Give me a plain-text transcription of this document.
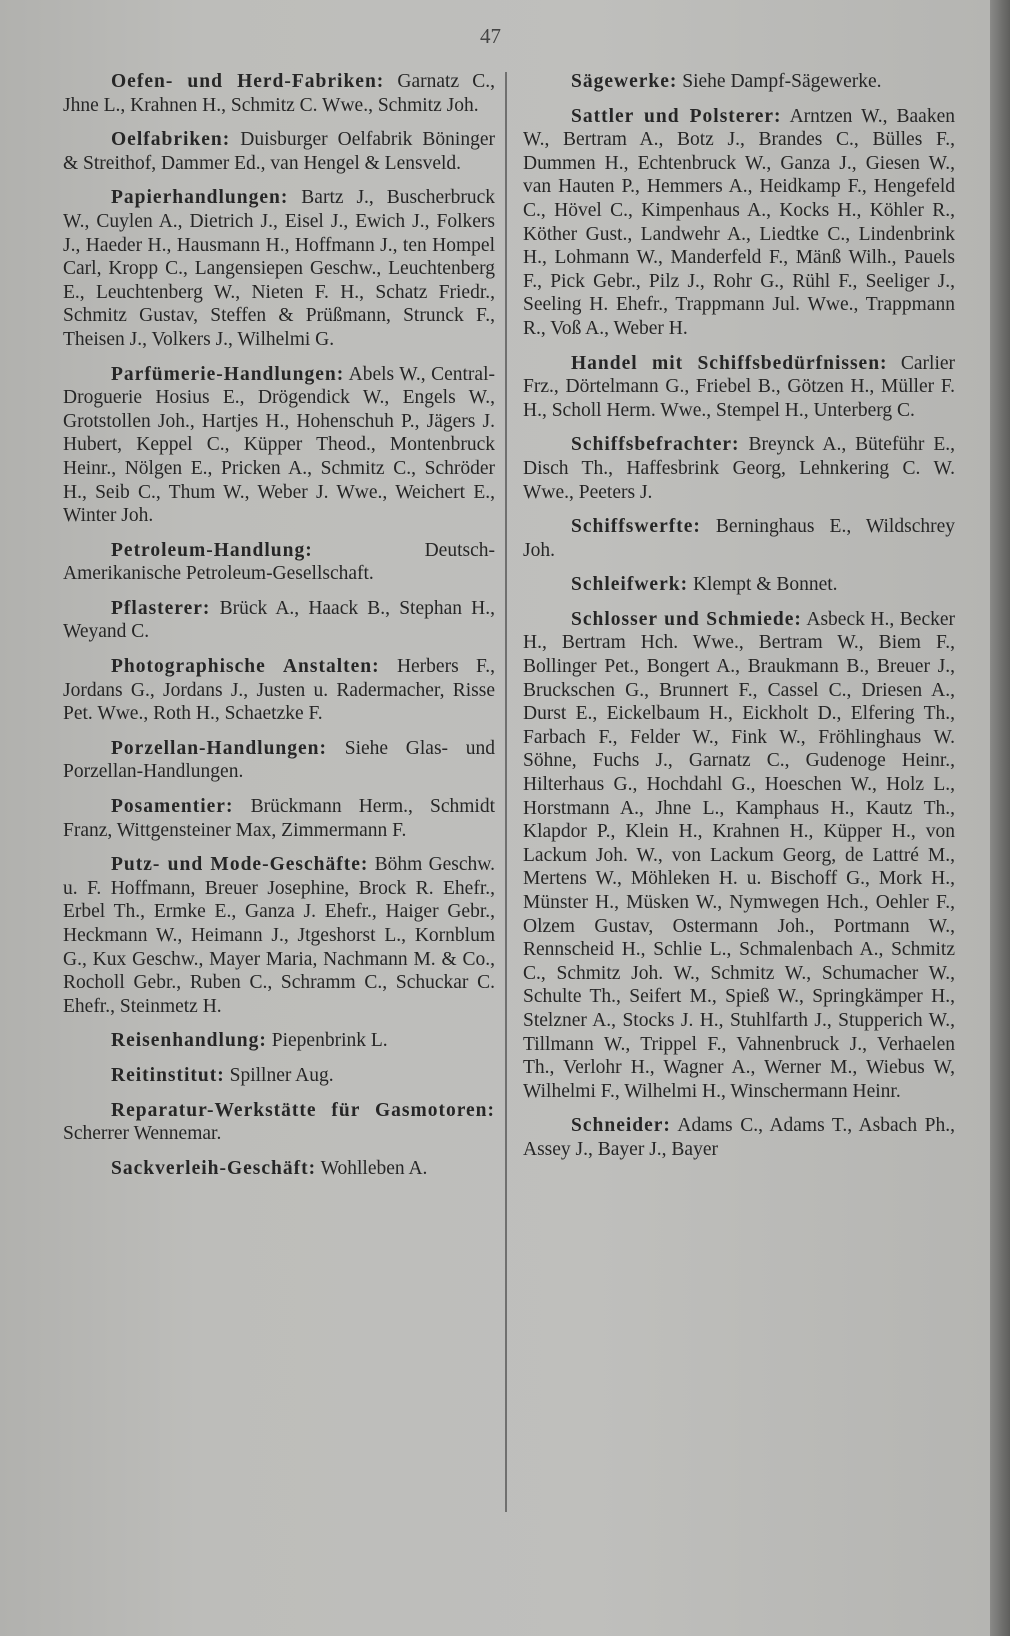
47

Oefen- und Herd-Fabriken: Garnatz C., Jhne L., Krahnen H., Schmitz C. Wwe., Schmitz Joh.

Oelfabriken: Duisburger Oelfabrik Böninger & Streithof, Dammer Ed., van Hengel & Lensveld.

Papierhandlungen: Bartz J., Buscherbruck W., Cuylen A., Dietrich J., Eisel J., Ewich J., Folkers J., Haeder H., Hausmann H., Hoffmann J., ten Hompel Carl, Kropp C., Langensiepen Geschw., Leuchtenberg E., Leuchtenberg W., Nieten F. H., Schatz Friedr., Schmitz Gustav, Steffen & Prüßmann, Strunck F., Theisen J., Volkers J., Wilhelmi G.

Parfümerie-Handlungen: Abels W., Central-Droguerie Hosius E., Drögendick W., Engels W., Grotstollen Joh., Hartjes H., Hohenschuh P., Jägers J. Hubert, Keppel C., Küpper Theod., Montenbruck Heinr., Nölgen E., Pricken A., Schmitz C., Schröder H., Seib C., Thum W., Weber J. Wwe., Weichert E., Winter Joh.

Petroleum-Handlung:	Deutsch-Amerikanische Petroleum-Gesellschaft.

Pflasterer: Brück A., Haack B., Stephan H., Weyand C.

Photographische Anstalten: Herbers F., Jordans G., Jordans J., Justen u. Radermacher, Risse Pet. Wwe., Roth H., Schaetzke F.

Porzellan-Handlungen: Siehe Glas- und Porzellan-Handlungen.

Posamentier: Brückmann Herm., Schmidt Franz, Wittgensteiner Max, Zimmermann F.

Putz- und Mode-Geschäfte: Böhm Geschw. u. F. Hoffmann, Breuer Josephine, Brock R. Ehefr., Erbel Th., Ermke E., Ganza J. Ehefr., Haiger Gebr., Heckmann W., Heimann J., Jtgeshorst L., Kornblum G., Kux Geschw., Mayer Maria, Nachmann M. & Co., Rocholl Gebr., Ruben C., Schramm C., Schuckar C. Ehefr., Steinmetz H.

Reisenhandlung: Piepenbrink L.

Reitinstitut: Spillner Aug.

Reparatur-Werkstätte für Gasmotoren: Scherrer Wennemar.

Sackverleih-Geschäft: Wohlleben A.

Sägewerke: Siehe Dampf-Sägewerke.

Sattler und Polsterer: Arntzen W., Baaken W., Bertram A., Botz J., Brandes C., Bülles F., Dummen H., Echtenbruck W., Ganza J., Giesen W., van Hauten P., Hemmers A., Heidkamp F., Hengefeld C., Hövel C., Kimpenhaus A., Kocks H., Köhler R., Köther Gust., Landwehr A., Liedtke C., Lindenbrink H., Lohmann W., Manderfeld F., Mänß Wilh., Pauels F., Pick Gebr., Pilz J., Rohr G., Rühl F., Seeliger J., Seeling H. Ehefr., Trappmann Jul. Wwe., Trappmann R., Voß A., Weber H.

Handel mit Schiffsbedürfnissen: Carlier Frz., Dörtelmann G., Friebel B., Götzen H., Müller F. H., Scholl Herm. Wwe., Stempel H., Unterberg C.

Schiffsbefrachter: Breynck A., Büteführ E., Disch Th., Haffesbrink Georg, Lehnkering C. W. Wwe., Peeters J.

Schiffswerfte: Berninghaus E., Wildschrey Joh.

Schleifwerk: Klempt & Bonnet.

Schlosser und Schmiede: Asbeck H., Becker H., Bertram Hch. Wwe., Bertram W., Biem F., Bollinger Pet., Bongert A., Braukmann B., Breuer J., Bruckschen G., Brunnert F., Cassel C., Driesen A., Durst E., Eickelbaum H., Eickholt D., Elfering Th., Farbach F., Felder W., Fink W., Fröhlinghaus W. Söhne, Fuchs J., Garnatz C., Gudenoge Heinr., Hilterhaus G., Hochdahl G., Hoeschen W., Holz L., Horstmann A., Jhne L., Kamphaus H., Kautz Th., Klapdor P., Klein H., Krahnen H., Küpper H., von Lackum Joh. W., von Lackum Georg, de Lattré M., Mertens W., Möhleken H. u. Bischoff G., Mork H., Münster H., Müsken W., Nymwegen Hch., Oehler F., Olzem Gustav, Ostermann Joh., Portmann W., Rennscheid H., Schlie L., Schmalenbach A., Schmitz C., Schmitz Joh. W., Schmitz W., Schumacher W., Schulte Th., Seifert M., Spieß W., Springkämper H., Stelzner A., Stocks J. H., Stuhlfarth J., Stupperich W., Tillmann W., Trippel F., Vahnenbruck J., Verhaelen Th., Verlohr H., Wagner A., Werner M., Wiebus W, Wilhelmi F., Wilhelmi H., Winschermann Heinr.

Schneider: Adams C., Adams T., Asbach Ph., Assey J., Bayer J., Bayer
